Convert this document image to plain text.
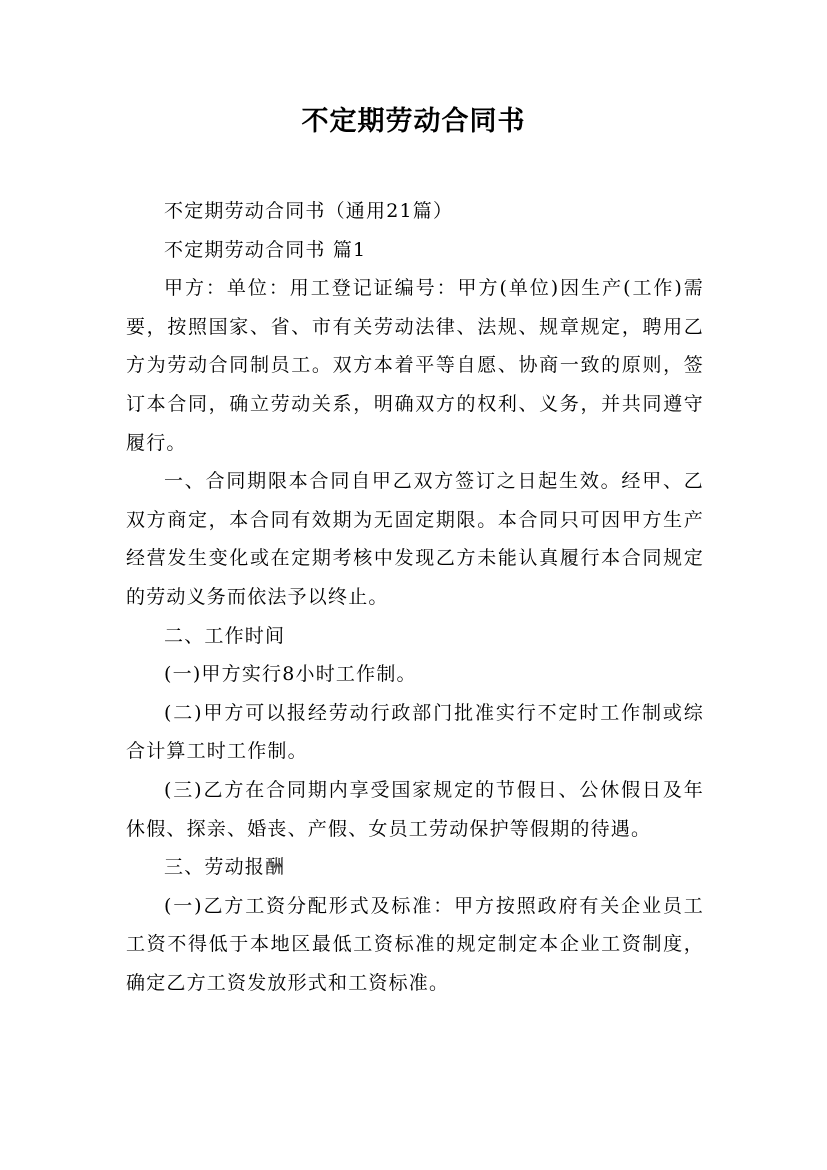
不定期劳动合同书

不定期劳动合同书（通用21篇）

不定期劳动合同书 篇1

甲方：单位：用工登记证编号：甲方(单位)因生产(工作)需要，按照国家、省、市有关劳动法律、法规、规章规定，聘用乙方为劳动合同制员工。双方本着平等自愿、协商一致的原则，签订本合同，确立劳动关系，明确双方的权利、义务，并共同遵守履行。

一、合同期限本合同自甲乙双方签订之日起生效。经甲、乙双方商定，本合同有效期为无固定期限。本合同只可因甲方生产经营发生变化或在定期考核中发现乙方未能认真履行本合同规定的劳动义务而依法予以终止。

二、工作时间

(一)甲方实行8小时工作制。

(二)甲方可以报经劳动行政部门批准实行不定时工作制或综合计算工时工作制。

(三)乙方在合同期内享受国家规定的节假日、公休假日及年休假、探亲、婚丧、产假、女员工劳动保护等假期的待遇。

三、劳动报酬

(一)乙方工资分配形式及标准：甲方按照政府有关企业员工工资不得低于本地区最低工资标准的规定制定本企业工资制度，确定乙方工资发放形式和工资标准。
